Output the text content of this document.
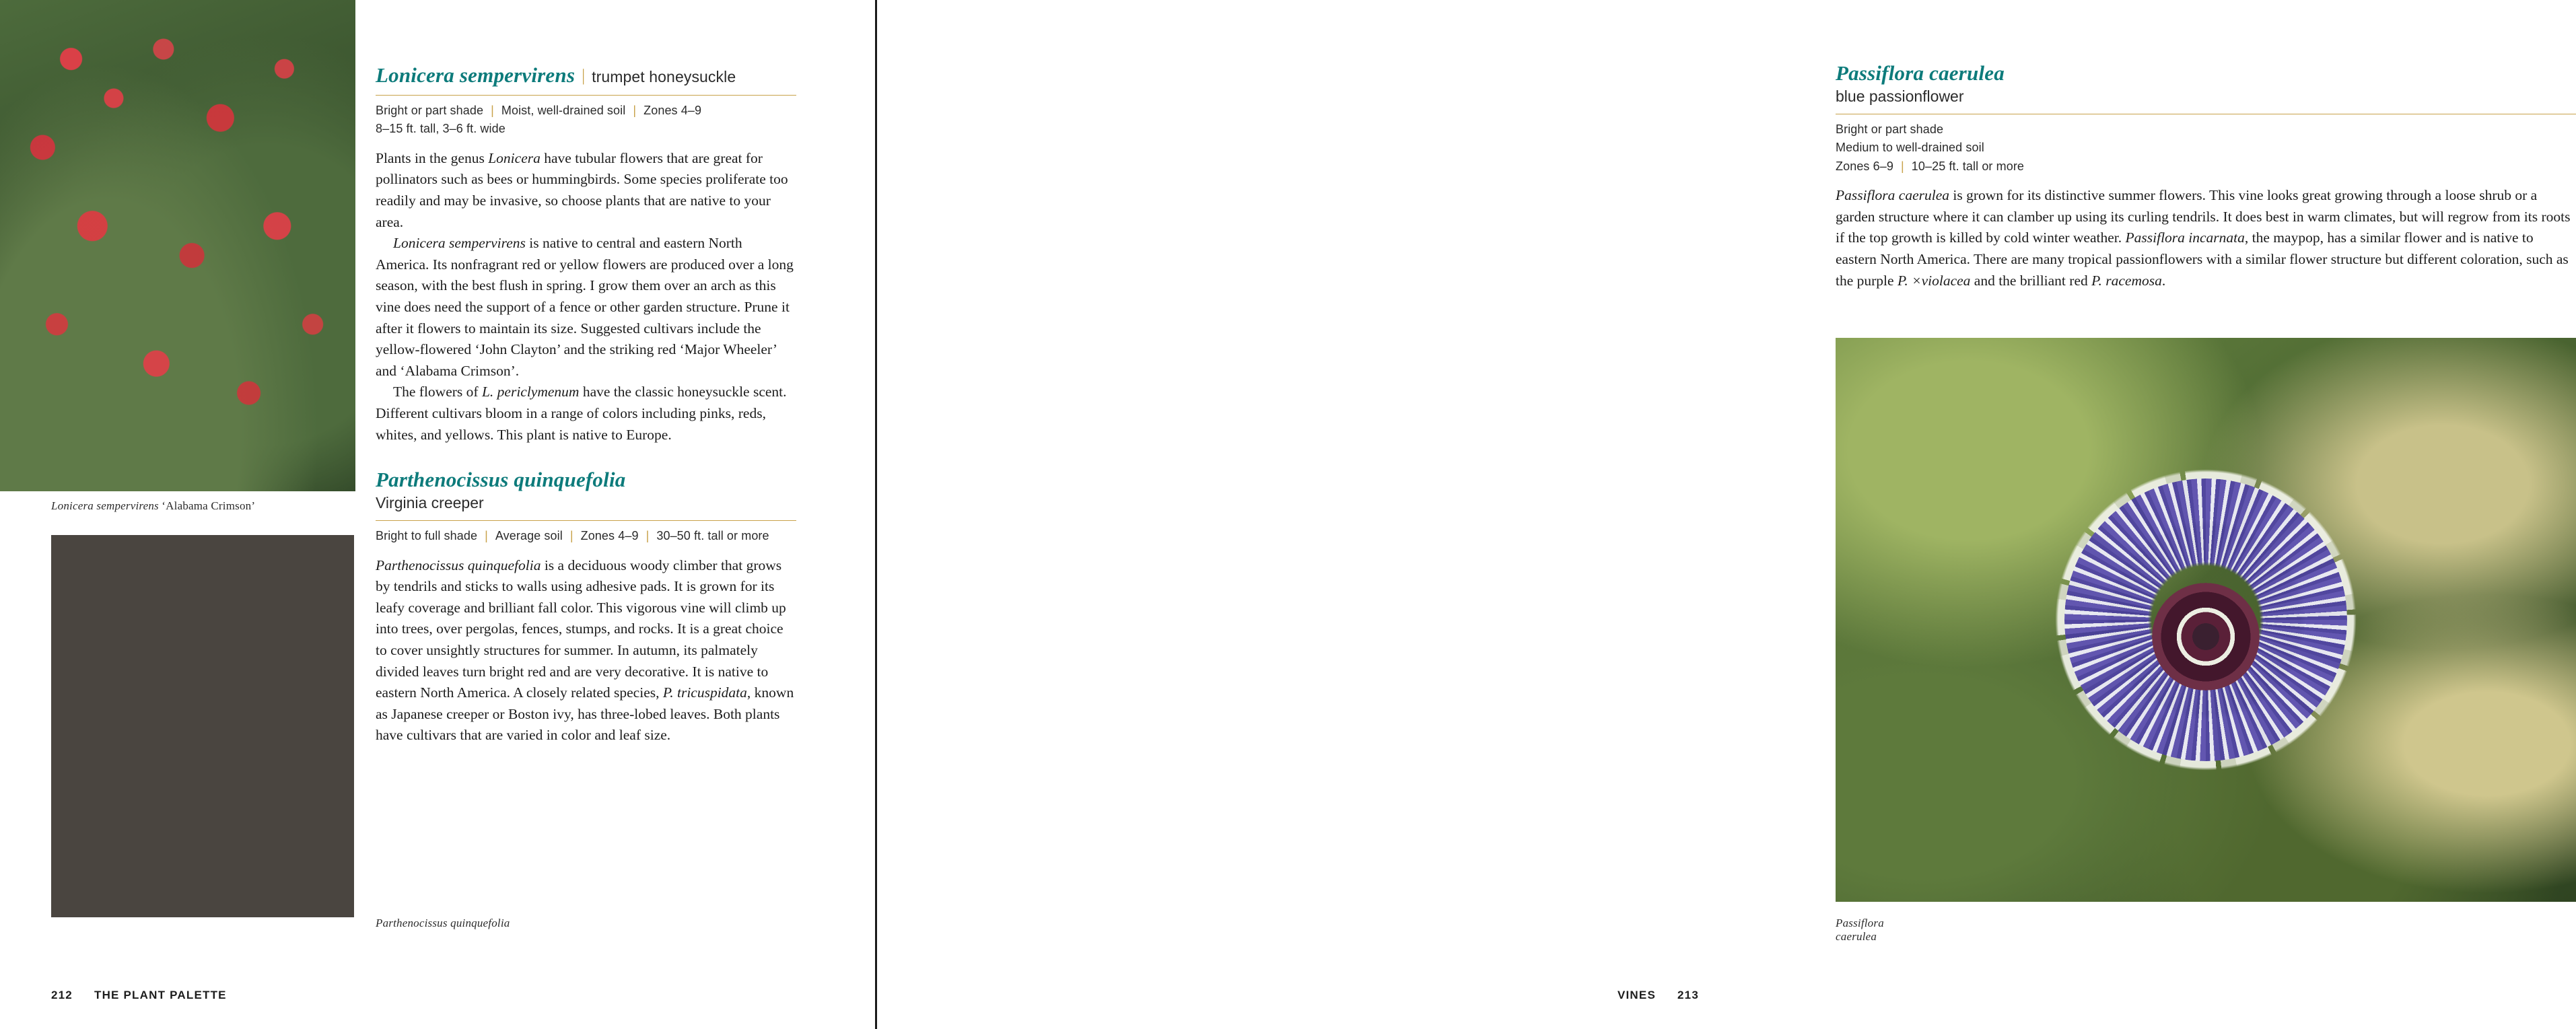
Lonicera sempervirens ‘Alabama Crimson’
Lonicera sempervirens | trumpet honeysuckle
Bright or part shade | Moist, well-drained soil | Zones 4–9
8–15 ft. tall, 3–6 ft. wide

Plants in the genus Lonicera have tubular flowers that are great for pollinators such as bees or hummingbirds. Some species proliferate too readily and may be invasive, so choose plants that are native to your area.

Lonicera sempervirens is native to central and eastern North America. Its nonfragrant red or yellow flowers are produced over a long season, with the best flush in spring. I grow them over an arch as this vine does need the support of a fence or other garden structure. Prune it after it flowers to maintain its size. Suggested cultivars include the yellow-flowered ‘John Clayton’ and the striking red ‘Major Wheeler’ and ‘Alabama Crimson’.

The flowers of L. periclymenum have the classic honeysuckle scent. Different cultivars bloom in a range of colors including pinks, reds, whites, and yellows. This plant is native to Europe.

Parthenocissus quinquefolia
Virginia creeper
Bright to full shade | Average soil | Zones 4–9 | 30–50 ft. tall or more

Parthenocissus quinquefolia is a deciduous woody climber that grows by tendrils and sticks to walls using adhesive pads. It is grown for its leafy coverage and brilliant fall color. This vigorous vine will climb up into trees, over pergolas, fences, stumps, and rocks. It is a great choice to cover unsightly structures for summer. In autumn, its palmately divided leaves turn bright red and are very decorative. It is native to eastern North America. A closely related species, P. tricuspidata, known as Japanese creeper or Boston ivy, has three-lobed leaves. Both plants have cultivars that are varied in color and leaf size.

Parthenocissus quinquefolia
212 THE PLANT PALETTE
Passiflora caerulea
blue passionflower
Bright or part shade
Medium to well-drained soil
Zones 6–9 | 10–25 ft. tall or more

Passiflora caerulea is grown for its distinctive summer flowers. This vine looks great growing through a loose shrub or a garden structure where it can clamber up using its curling tendrils. It does best in warm climates, but will regrow from its roots if the top growth is killed by cold winter weather. Passiflora incarnata, the maypop, has a similar flower and is native to eastern North America. There are many tropical passionflowers with a similar flower structure but different coloration, such as the purple P. ×violacea and the brilliant red P. racemosa.

Passiflora caerulea
213
VINES
